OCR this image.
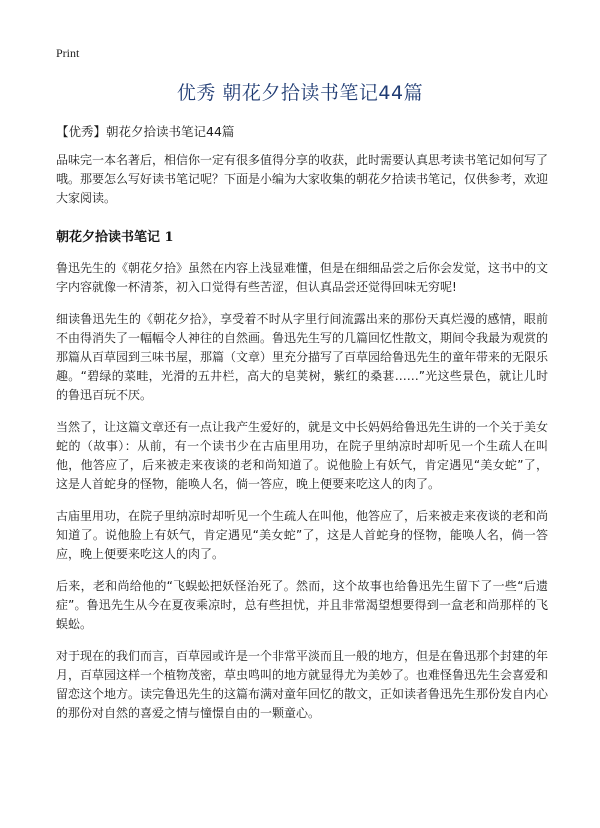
Print
优秀 朝花夕拾读书笔记44篇

【优秀】朝花夕拾读书笔记44篇

品味完一本名著后，相信你一定有很多值得分享的收获，此时需要认真思考读书笔记如何写了哦。那要怎么写好读书笔记呢？下面是小编为大家收集的朝花夕拾读书笔记，仅供参考，欢迎大家阅读。

朝花夕拾读书笔记 1

鲁迅先生的《朝花夕拾》虽然在内容上浅显难懂，但是在细细品尝之后你会发觉，这书中的文字内容就像一杯清茶，初入口觉得有些苦涩，但认真品尝还觉得回味无穷呢!

细读鲁迅先生的《朝花夕拾》，享受着不时从字里行间流露出来的那份天真烂漫的感情，眼前不由得消失了一幅幅令人神往的自然画。鲁迅先生写的几篇回忆性散文，期间令我最为观赏的那篇从百草园到三味书屋，那篇（文章）里充分描写了百草园给鲁迅先生的童年带来的无限乐趣。“碧绿的菜畦，光滑的五井栏，高大的皂荚树，紫红的桑葚……”光这些景色，就让儿时的鲁迅百玩不厌。

当然了，让这篇文章还有一点让我产生爱好的，就是文中长妈妈给鲁迅先生讲的一个关于美女蛇的（故事）：从前，有一个读书少在古庙里用功，在院子里纳凉时却听见一个生疏人在叫他，他答应了，后来被走来夜谈的老和尚知道了。说他脸上有妖气，肯定遇见“美女蛇”了，这是人首蛇身的怪物，能唤人名，倘一答应，晚上便要来吃这人的肉了。

古庙里用功，在院子里纳凉时却听见一个生疏人在叫他，他答应了，后来被走来夜谈的老和尚知道了。说他脸上有妖气，肯定遇见“美女蛇”了，这是人首蛇身的怪物，能唤人名，倘一答应，晚上便要来吃这人的肉了。

后来，老和尚给他的“飞蜈蚣把妖怪治死了。然而，这个故事也给鲁迅先生留下了一些“后遗症”。鲁迅先生从今在夏夜乘凉时，总有些担忧，并且非常渴望想要得到一盒老和尚那样的飞蜈蚣。

对于现在的我们而言，百草园或许是一个非常平淡而且一般的地方，但是在鲁迅那个封建的年月，百草园这样一个植物茂密，草虫鸣叫的地方就显得尤为美妙了。也难怪鲁迅先生会喜爱和留恋这个地方。读完鲁迅先生的这篇布满对童年回忆的散文，正如读者鲁迅先生那份发自内心的那份对自然的喜爱之情与憧憬自由的一颗童心。
